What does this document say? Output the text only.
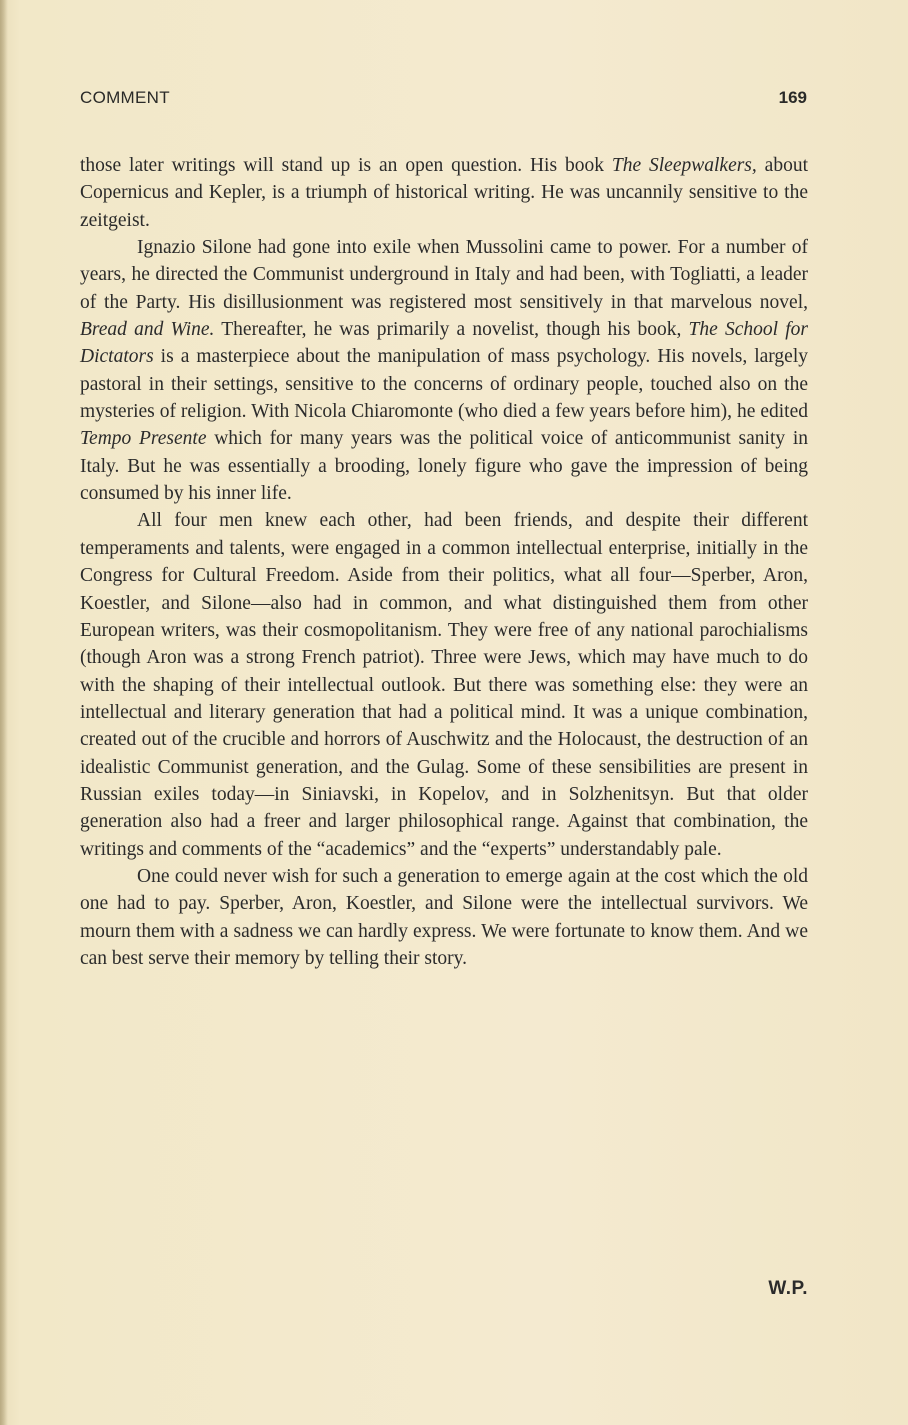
COMMENT	169

those later writings will stand up is an open question. His book The Sleepwalkers, about Copernicus and Kepler, is a triumph of historical writing. He was uncannily sensitive to the zeitgeist.

Ignazio Silone had gone into exile when Mussolini came to power. For a number of years, he directed the Communist underground in Italy and had been, with Togliatti, a leader of the Party. His disillusionment was registered most sensitively in that marvelous novel, Bread and Wine. Thereafter, he was primarily a novelist, though his book, The School for Dictators is a masterpiece about the manipulation of mass psychology. His novels, largely pastoral in their settings, sensitive to the concerns of ordinary people, touched also on the mysteries of religion. With Nicola Chiaromonte (who died a few years before him), he edited Tempo Presente which for many years was the political voice of anticommunist sanity in Italy. But he was essentially a brooding, lonely figure who gave the impression of being consumed by his inner life.

All four men knew each other, had been friends, and despite their different temperaments and talents, were engaged in a common intellectual enterprise, initially in the Congress for Cultural Freedom. Aside from their politics, what all four—Sperber, Aron, Koestler, and Silone—also had in common, and what distinguished them from other European writers, was their cosmopolitanism. They were free of any national parochialisms (though Aron was a strong French patriot). Three were Jews, which may have much to do with the shaping of their intellectual outlook. But there was something else: they were an intellectual and literary generation that had a political mind. It was a unique combination, created out of the crucible and horrors of Auschwitz and the Holocaust, the destruction of an idealistic Communist generation, and the Gulag. Some of these sensibilities are present in Russian exiles today—in Siniavski, in Kopelov, and in Solzhenitsyn. But that older generation also had a freer and larger philosophical range. Against that combination, the writings and comments of the “academics” and the “experts” understandably pale.

One could never wish for such a generation to emerge again at the cost which the old one had to pay. Sperber, Aron, Koestler, and Silone were the intellectual survivors. We mourn them with a sadness we can hardly express. We were fortunate to know them. And we can best serve their memory by telling their story.

W.P.
